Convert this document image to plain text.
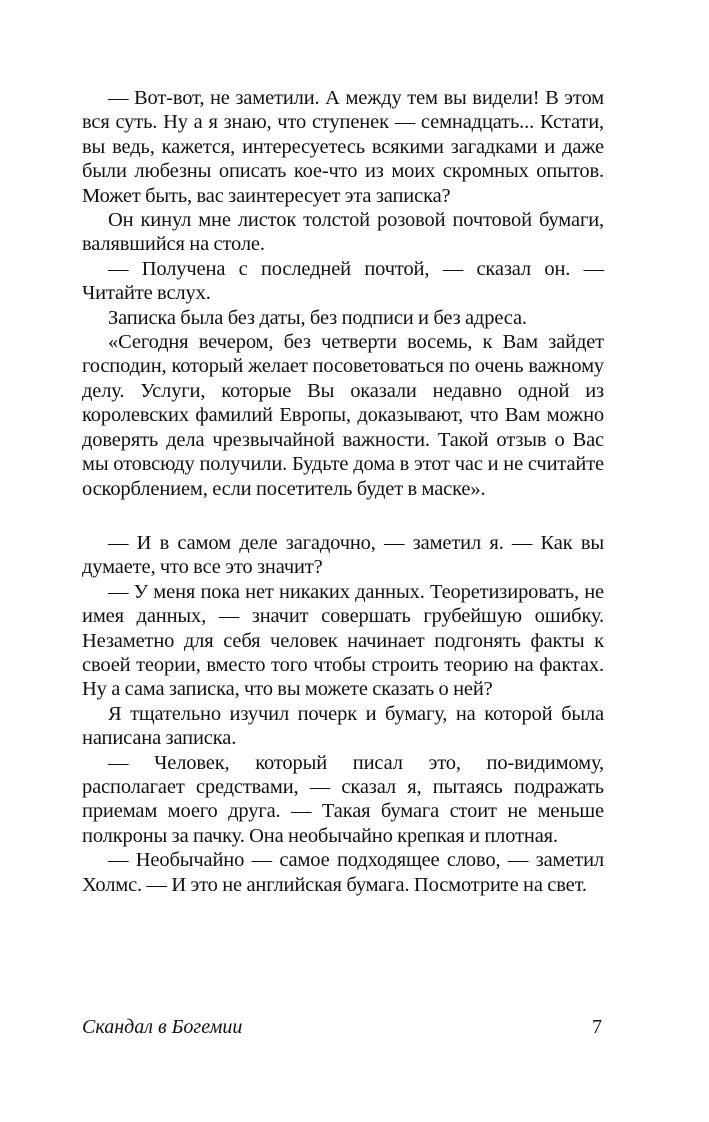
— Вот-вот, не заметили. А между тем вы видели! В этом вся суть. Ну а я знаю, что ступенек — семнадцать... Кстати, вы ведь, кажется, интересуетесь всякими загадками и даже были любезны описать кое-что из моих скромных опытов. Может быть, вас заинтересует эта записка?

Он кинул мне листок толстой розовой почтовой бумаги, валявшийся на столе.

— Получена с последней почтой, — сказал он. — Читайте вслух.

Записка была без даты, без подписи и без адреса.

«Сегодня вечером, без четверти восемь, к Вам зайдет господин, который желает посоветоваться по очень важному делу. Услуги, которые Вы оказали недавно одной из королевских фамилий Европы, доказывают, что Вам можно доверять дела чрезвычайной важности. Такой отзыв о Вас мы отовсюду получили. Будьте дома в этот час и не считайте оскорблением, если посетитель будет в маске».

— И в самом деле загадочно, — заметил я. — Как вы думаете, что все это значит?

— У меня пока нет никаких данных. Теоретизировать, не имея данных, — значит совершать грубейшую ошибку. Незаметно для себя человек начинает подгонять факты к своей теории, вместо того чтобы строить теорию на фактах. Ну а сама записка, что вы можете сказать о ней?

Я тщательно изучил почерк и бумагу, на которой была написана записка.

— Человек, который писал это, по-видимому, располагает средствами, — сказал я, пытаясь подражать приемам моего друга. — Такая бумага стоит не меньше полкроны за пачку. Она необычайно крепкая и плотная.

— Необычайно — самое подходящее слово, — заметил Холмс. — И это не английская бумага. Посмотрите на свет.

Скандал в Богемии	7
